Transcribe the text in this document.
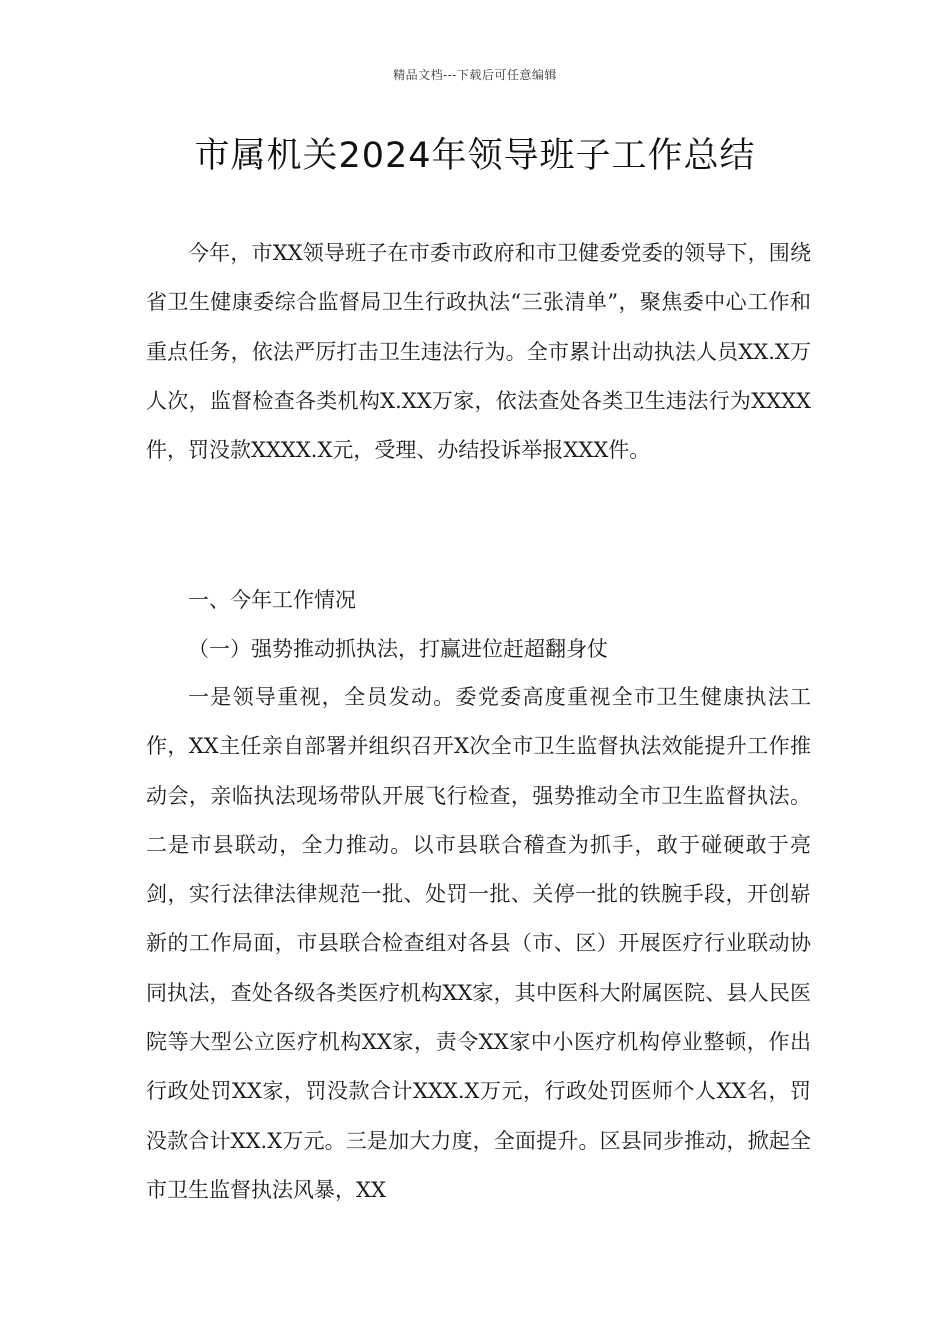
精品文档---下载后可任意编辑
市属机关2024年领导班子工作总结

今年，市XX领导班子在市委市政府和市卫健委党委的领导下，围绕省卫生健康委综合监督局卫生行政执法“三张清单”，聚焦委中心工作和重点任务，依法严厉打击卫生违法行为。全市累计出动执法人员XX.X万人次，监督检查各类机构X.XX万家，依法查处各类卫生违法行为XXXX件，罚没款XXXX.X元，受理、办结投诉举报XXX件。

一、今年工作情况
（一）强势推动抓执法，打赢进位赶超翻身仗

一是领导重视，全员发动。委党委高度重视全市卫生健康执法工作，XX主任亲自部署并组织召开X次全市卫生监督执法效能提升工作推动会，亲临执法现场带队开展飞行检查，强势推动全市卫生监督执法。二是市县联动，全力推动。以市县联合稽查为抓手，敢于碰硬敢于亮剑，实行法律法律规范一批、处罚一批、关停一批的铁腕手段，开创崭新的工作局面，市县联合检查组对各县（市、区）开展医疗行业联动协同执法，查处各级各类医疗机构XX家，其中医科大附属医院、县人民医院等大型公立医疗机构XX家，责令XX家中小医疗机构停业整顿，作出行政处罚XX家，罚没款合计XXX.X万元，行政处罚医师个人XX名，罚没款合计XX.X万元。三是加大力度，全面提升。区县同步推动，掀起全市卫生监督执法风暴，XX
